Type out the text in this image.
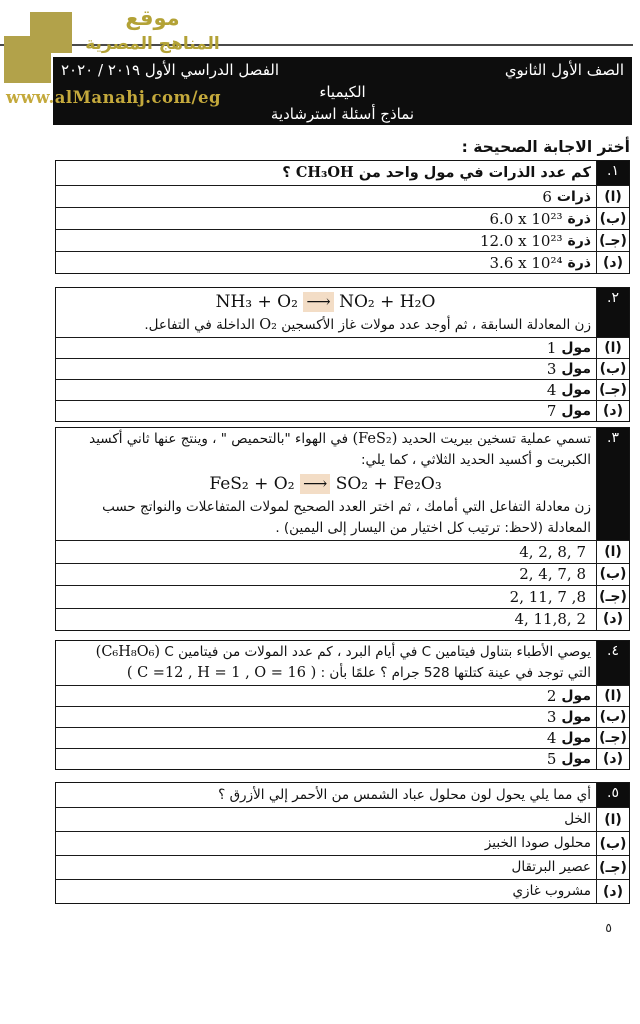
موقع
المناهج المصرية
www.alManahj.com/eg
الصف الأول الثانوي
الفصل الدراسي الأول ٢٠١٩ / ٢٠٢٠
الكيمياء
نماذج أسئلة استرشادية
أختر الاجابة الصحيحة :
١.
كم عدد الذرات في مول واحد من CH₃OH ؟
(ا)
ذرات
6
(ب)
ذرة
6.0 x 10²³
(جـ)
ذرة
12.0 x 10²³
(د)
ذرة
3.6 x 10²⁴
٢.
NH₃ + O₂ ⟶ NO₂ + H₂O
زن المعادلة السابقة ، ثم أوجد عدد مولات غاز الأكسجين O₂ الداخلة في التفاعل.
(ا)
مول
1
(ب)
مول
3
(جـ)
مول
4
(د)
مول
7
٣.
تسمي عملية تسخين بيريت الحديد (FeS₂) في الهواء "بالتحميص " ، وينتج عنها ثاني أكسيد الكبريت و أكسيد الحديد الثلاثي ، كما يلي:
FeS₂ + O₂ ⟶ SO₂ + Fe₂O₃
زن معادلة التفاعل التي أمامك ، ثم اختر العدد الصحيح لمولات المتفاعلات والنواتج حسب المعادلة (لاحظ: ترتيب كل اختيار من اليسار إلى اليمين) .
(ا)
4, 2, 8, 7
(ب)
2, 4, 7, 8
(جـ)
2, 11, 7 ,8
(د)
4, 11,8, 2
٤.
يوصي الأطباء بتناول فيتامين C في أيام البرد ، كم عدد المولات من فيتامين C (C₆H₈O₆)
التي توجد في عينة كتلتها 528 جرام ؟ علمًا بأن : ( C =12 , H = 1 , O = 16 )
(ا)
مول
2
(ب)
مول
3
(جـ)
مول
4
(د)
مول
5
٥.
أي مما يلي يحول لون محلول عباد الشمس من الأحمر إلي الأزرق ؟
(ا)
الخل
(ب)
محلول صودا الخبيز
(جـ)
عصير البرتقال
(د)
مشروب غازي
٥
